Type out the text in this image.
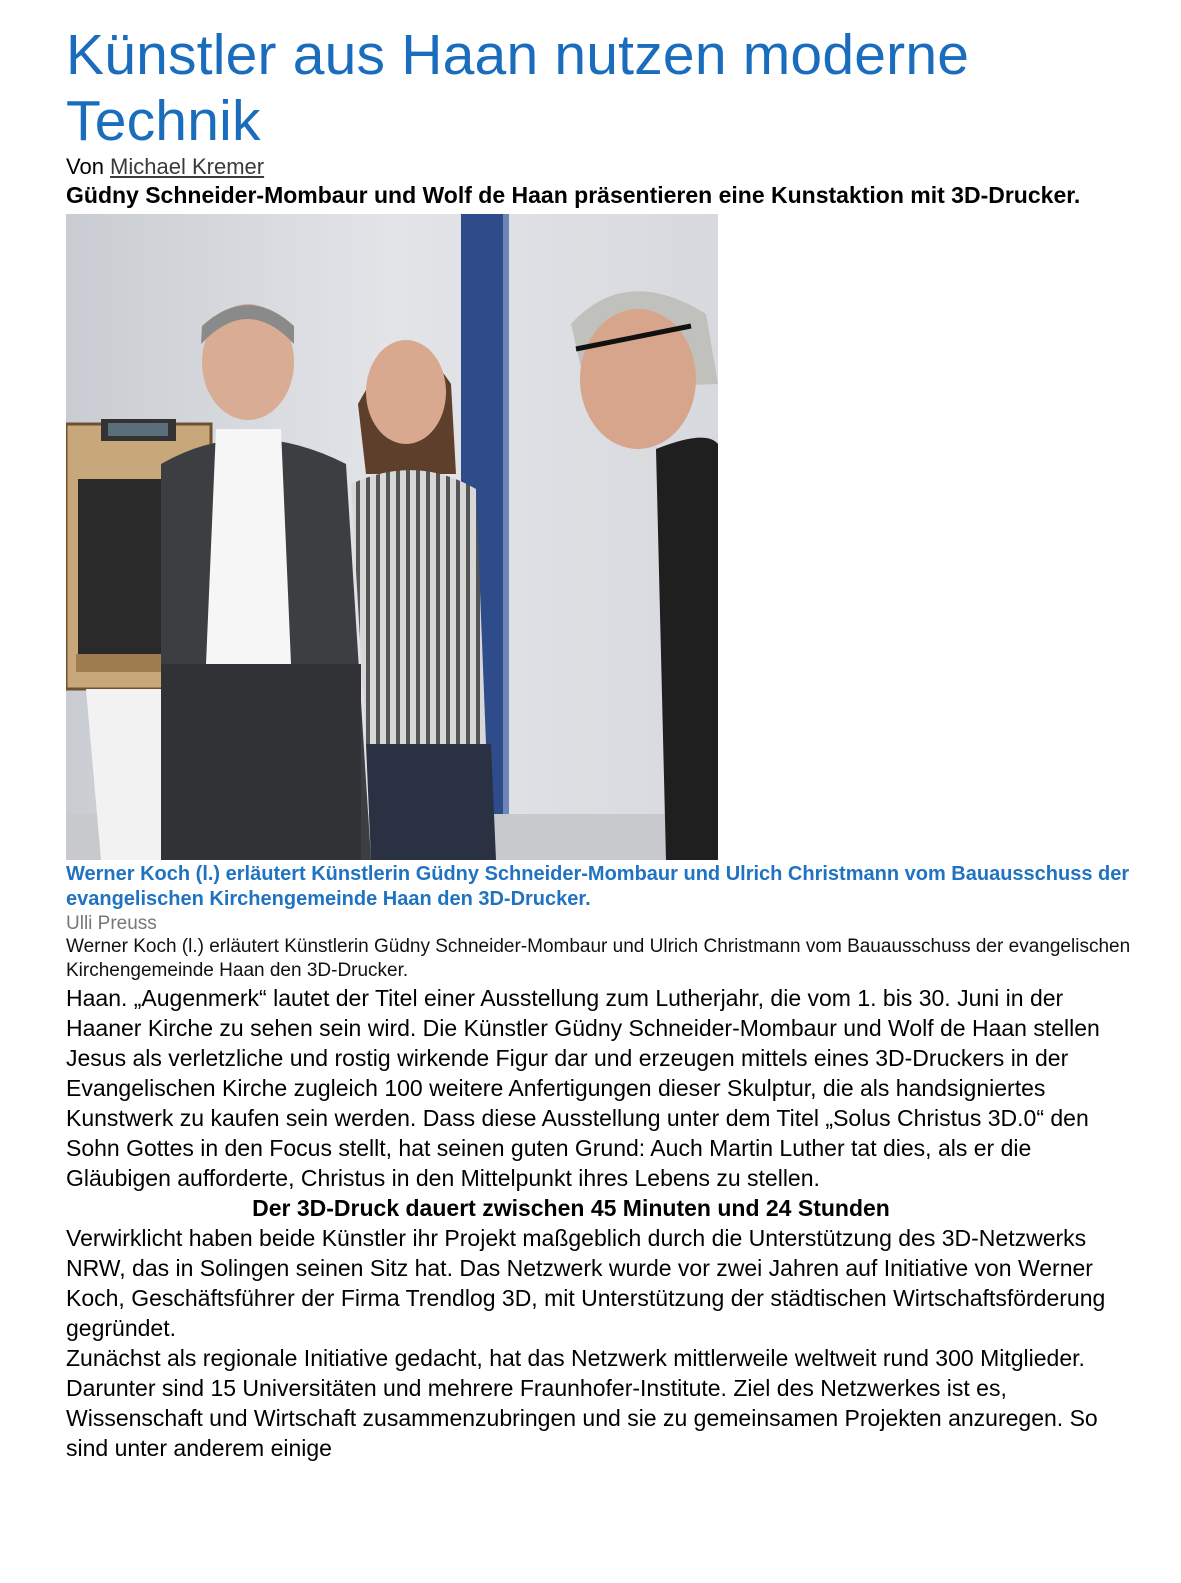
Künstler aus Haan nutzen moderne Technik
Von Michael Kremer
Güdny Schneider-Mombaur und Wolf de Haan präsentieren eine Kunstaktion mit 3D-Drucker.
Werner Koch (l.) erläutert Künstlerin Güdny Schneider-Mombaur und Ulrich Christmann vom Bauausschuss der evangelischen Kirchengemeinde Haan den 3D-Drucker.
Ulli Preuss
Werner Koch (l.) erläutert Künstlerin Güdny Schneider-Mombaur und Ulrich Christmann vom Bauausschuss der evangelischen Kirchengemeinde Haan den 3D-Drucker.

Haan. „Augenmerk“ lautet der Titel einer Ausstellung zum Lutherjahr, die vom 1. bis 30. Juni in der Haaner Kirche zu sehen sein wird. Die Künstler Güdny Schneider-Mombaur und Wolf de Haan stellen Jesus als verletzliche und rostig wirkende Figur dar und erzeugen mittels eines 3D-Druckers in der Evangelischen Kirche zugleich 100 weitere Anfertigungen dieser Skulptur, die als handsigniertes Kunstwerk zu kaufen sein werden. Dass diese Ausstellung unter dem Titel „Solus Christus 3D.0“ den Sohn Gottes in den Focus stellt, hat seinen guten Grund: Auch Martin Luther tat dies, als er die Gläubigen aufforderte, Christus in den Mittelpunkt ihres Lebens zu stellen.

Der 3D-Druck dauert zwischen 45 Minuten und 24 Stunden

Verwirklicht haben beide Künstler ihr Projekt maßgeblich durch die Unterstützung des 3D-Netzwerks NRW, das in Solingen seinen Sitz hat. Das Netzwerk wurde vor zwei Jahren auf Initiative von Werner Koch, Geschäftsführer der Firma Trendlog 3D, mit Unterstützung der städtischen Wirtschaftsförderung gegründet.

Zunächst als regionale Initiative gedacht, hat das Netzwerk mittlerweile weltweit rund 300 Mitglieder. Darunter sind 15 Universitäten und mehrere Fraunhofer-Institute. Ziel des Netzwerkes ist es, Wissenschaft und Wirtschaft zusammenzubringen und sie zu gemeinsamen Projekten anzuregen. So sind unter anderem einige
